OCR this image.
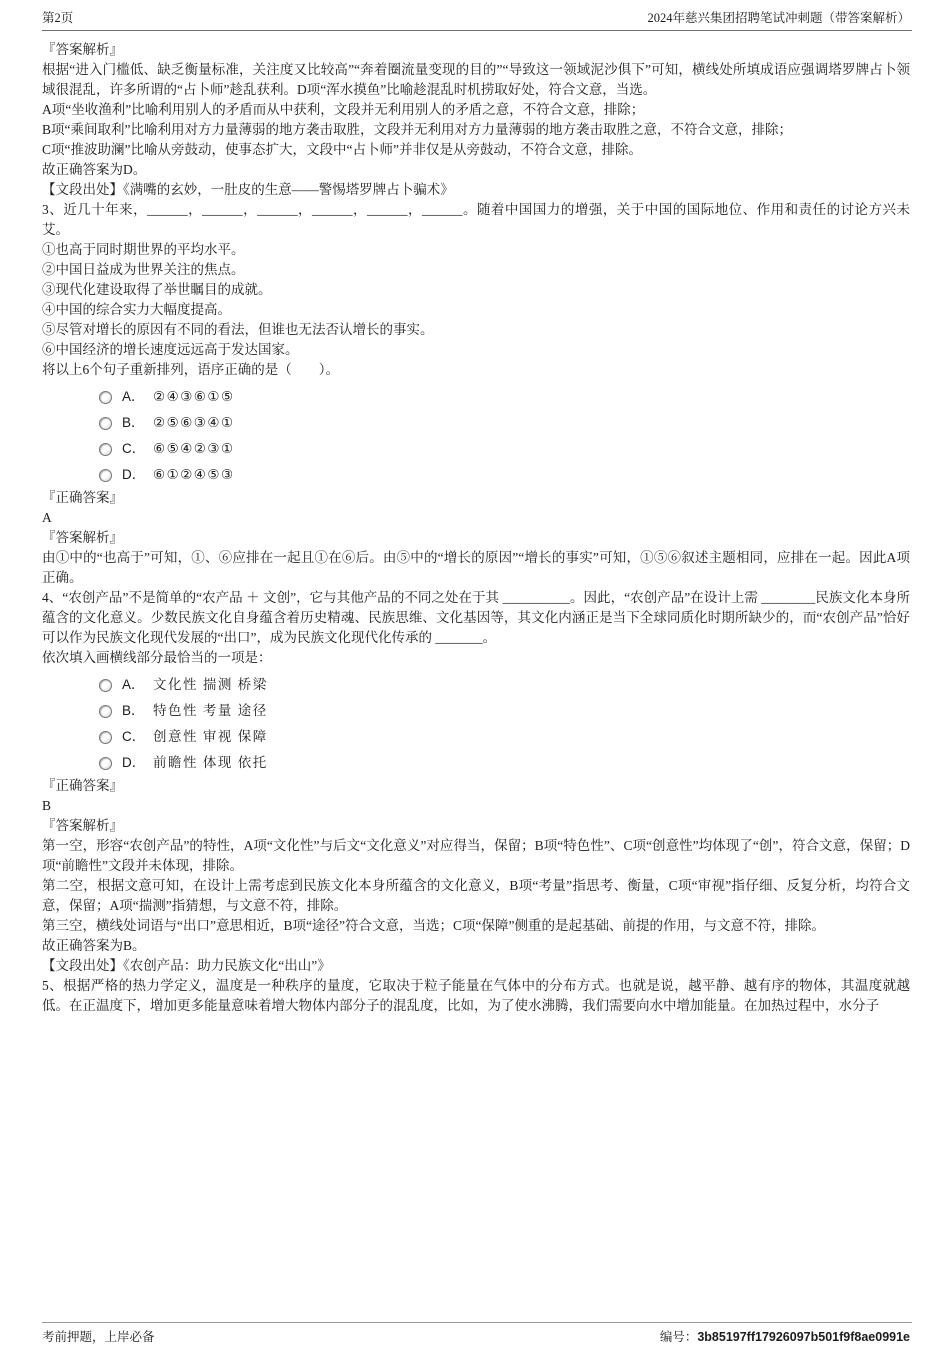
第2页	2024年慈兴集团招聘笔试冲刺题（带答案解析）

『答案解析』

根据“进入门槛低、缺乏衡量标准，关注度又比较高”“奔着圈流量变现的目的”“导致这一领域泥沙俱下”可知，横线处所填成语应强调塔罗牌占卜领域很混乱，许多所谓的“占卜师”趁乱获利。D项“浑水摸鱼”比喻趁混乱时机捞取好处，符合文意，当选。

A项“坐收渔利”比喻利用别人的矛盾而从中获利，文段并无利用别人的矛盾之意，不符合文意，排除；

B项“乘间取利”比喻利用对方力量薄弱的地方袭击取胜，文段并无利用对方力量薄弱的地方袭击取胜之意，不符合文意，排除；

C项“推波助澜”比喻从旁鼓动，使事态扩大，文段中“占卜师”并非仅是从旁鼓动，不符合文意，排除。

故正确答案为D。

【文段出处】《满嘴的玄妙，一肚皮的生意——警惕塔罗牌占卜骗术》

3、近几十年来，______，______，______，______，______，______。随着中国国力的增强，关于中国的国际地位、作用和责任的讨论方兴未艾。

①也高于同时期世界的平均水平。

②中国日益成为世界关注的焦点。

③现代化建设取得了举世瞩目的成就。

④中国的综合实力大幅度提高。

⑤尽管对增长的原因有不同的看法，但谁也无法否认增长的事实。

⑥中国经济的增长速度远远高于发达国家。

将以上6个句子重新排列，语序正确的是（　　）。

A． ②④③⑥①⑤
B． ②⑤⑥③④①
C． ⑥⑤④②③①
D． ⑥①②④⑤③

『正确答案』

A

『答案解析』

由①中的“也高于”可知，①、⑥应排在一起且①在⑥后。由⑤中的“增长的原因”“增长的事实”可知，①⑤⑥叙述主题相同，应排在一起。因此A项正确。

4、“农创产品”不是简单的“农产品 ＋ 文创”，它与其他产品的不同之处在于其 __________。因此，“农创产品”在设计上需 ________民族文化本身所蕴含的文化意义。少数民族文化自身蕴含着历史精魂、民族思维、文化基因等，其文化内涵正是当下全球同质化时期所缺少的，而“农创产品”恰好可以作为民族文化现代发展的“出口”，成为民族文化现代化传承的 _______。

依次填入画横线部分最恰当的一项是：

A． 文化性 揣测 桥梁
B． 特色性 考量 途径
C． 创意性 审视 保障
D． 前瞻性 体现 依托

『正确答案』

B

『答案解析』

第一空，形容“农创产品”的特性，A项“文化性”与后文“文化意义”对应得当，保留；B项“特色性”、C项“创意性”均体现了“创”，符合文意，保留；D项“前瞻性”文段并未体现，排除。

第二空，根据文意可知，在设计上需考虑到民族文化本身所蕴含的文化意义，B项“考量”指思考、衡量，C项“审视”指仔细、反复分析，均符合文意，保留；A项“揣测”指猜想，与文意不符，排除。

第三空，横线处词语与“出口”意思相近，B项“途径”符合文意，当选；C项“保障”侧重的是起基础、前提的作用，与文意不符，排除。

故正确答案为B。

【文段出处】《农创产品：助力民族文化“出山”》

5、根据严格的热力学定义，温度是一种秩序的量度，它取决于粒子能量在气体中的分布方式。也就是说，越平静、越有序的物体，其温度就越低。在正温度下，增加更多能量意味着增大物体内部分子的混乱度，比如，为了使水沸腾，我们需要向水中增加能量。在加热过程中，水分子

考前押题，上岸必备	编号：3b85197ff17926097b501f9f8ae0991e
